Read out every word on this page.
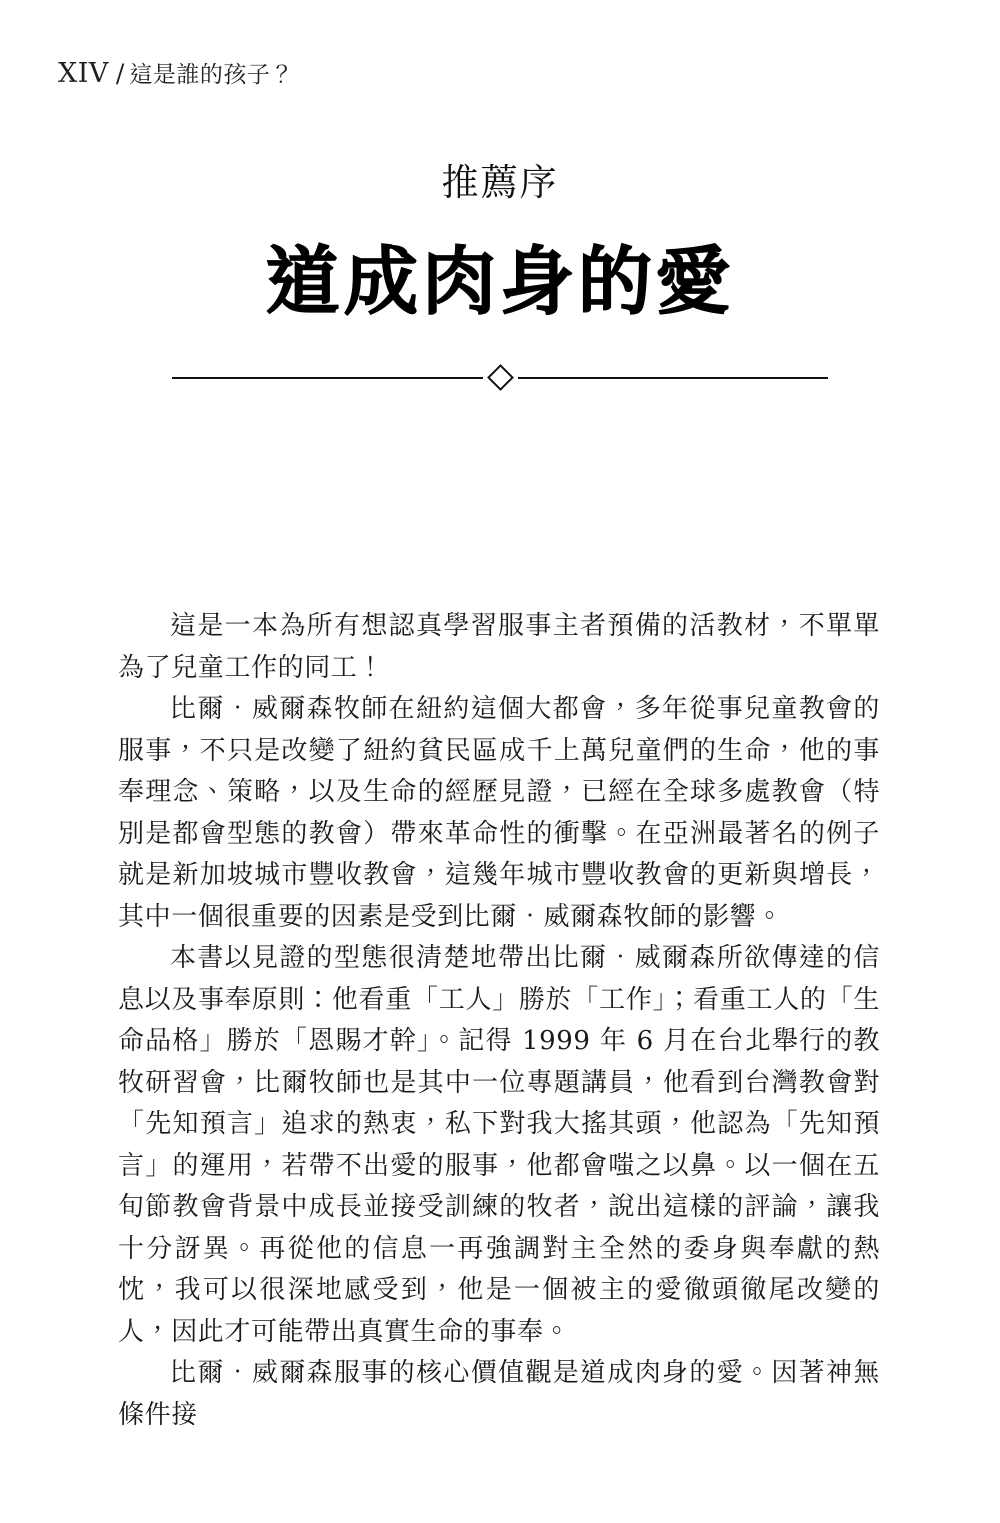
XIV / 這是誰的孩子？
推薦序
道成肉身的愛

這是一本為所有想認真學習服事主者預備的活教材，不單單為了兒童工作的同工！

比爾‧威爾森牧師在紐約這個大都會，多年從事兒童教會的服事，不只是改變了紐約貧民區成千上萬兒童們的生命，他的事奉理念、策略，以及生命的經歷見證，已經在全球多處教會（特別是都會型態的教會）帶來革命性的衝擊。在亞洲最著名的例子就是新加坡城市豐收教會，這幾年城市豐收教會的更新與增長，其中一個很重要的因素是受到比爾‧威爾森牧師的影響。

本書以見證的型態很清楚地帶出比爾‧威爾森所欲傳達的信息以及事奉原則：他看重「工人」勝於「工作」；看重工人的「生命品格」勝於「恩賜才幹」。記得 1999 年 6 月在台北舉行的教牧研習會，比爾牧師也是其中一位專題講員，他看到台灣教會對「先知預言」追求的熱衷，私下對我大搖其頭，他認為「先知預言」的運用，若帶不出愛的服事，他都會嗤之以鼻。以一個在五旬節教會背景中成長並接受訓練的牧者，說出這樣的評論，讓我十分訝異。再從他的信息一再強調對主全然的委身與奉獻的熱忱，我可以很深地感受到，他是一個被主的愛徹頭徹尾改變的人，因此才可能帶出真實生命的事奉。

比爾‧威爾森服事的核心價值觀是道成肉身的愛。因著神無條件接
